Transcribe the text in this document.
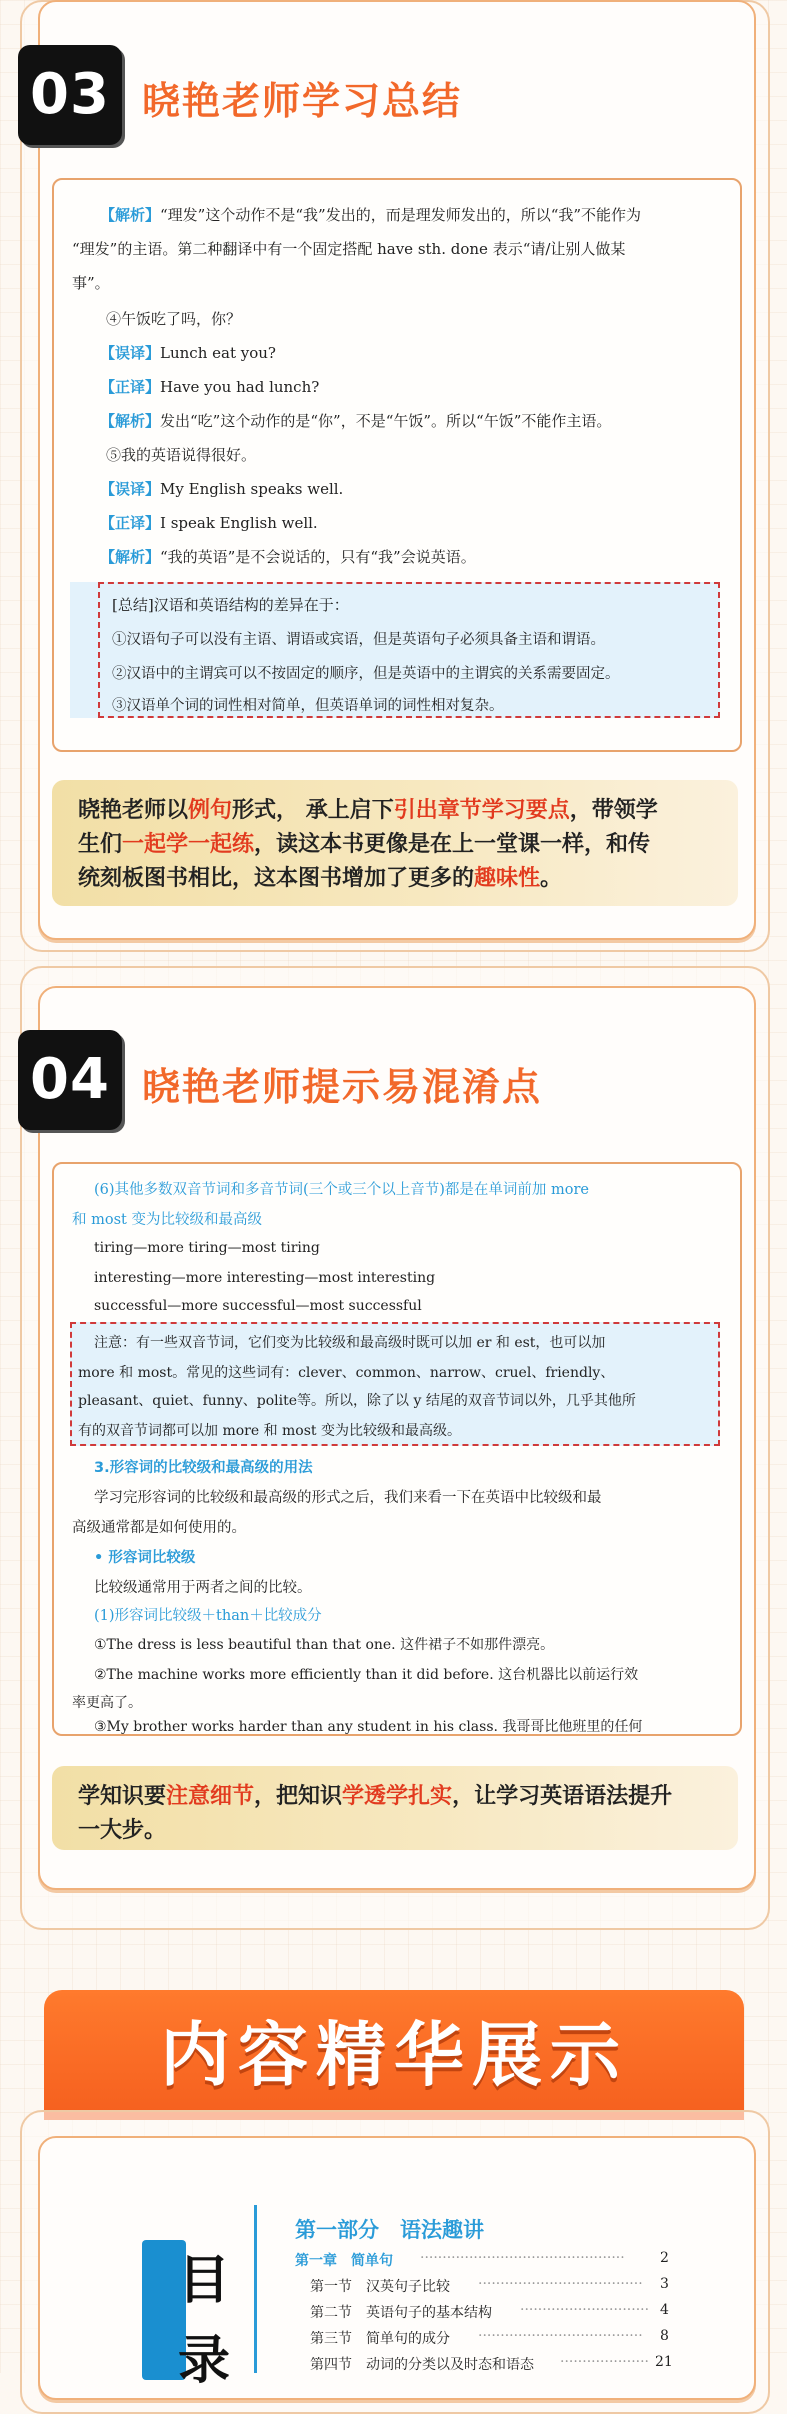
03 晓艳老师学习总结
【解析】“理发”这个动作不是“我”发出的，而是理发师发出的，所以“我”不能作为
“理发”的主语。第二种翻译中有一个固定搭配 have sth. done 表示“请/让别人做某
事”。
④午饭吃了吗，你？
【误译】Lunch eat you?
【正译】Have you had lunch?
【解析】发出“吃”这个动作的是“你”，不是“午饭”。所以“午饭”不能作主语。
⑤我的英语说得很好。
【误译】My English speaks well.
【正译】I speak English well.
【解析】“我的英语”是不会说话的，只有“我”会说英语。
[总结]汉语和英语结构的差异在于：
①汉语句子可以没有主语、谓语或宾语，但是英语句子必须具备主语和谓语。
②汉语中的主谓宾可以不按固定的顺序，但是英语中的主谓宾的关系需要固定。
③汉语单个词的词性相对简单，但英语单词的词性相对复杂。
晓艳老师以例句形式， 承上启下引出章节学习要点，带领学
生们一起学一起练，读这本书更像是在上一堂课一样，和传
统刻板图书相比，这本图书增加了更多的趣味性。
04 晓艳老师提示易混淆点
(6)其他多数双音节词和多音节词(三个或三个以上音节)都是在单词前加 more
和 most 变为比较级和最高级
tiring—more tiring—most tiring
interesting—more interesting—most interesting
successful—more successful—most successful
注意：有一些双音节词，它们变为比较级和最高级时既可以加 er 和 est，也可以加
more 和 most。常见的这些词有：clever、common、narrow、cruel、friendly、
pleasant、quiet、funny、polite等。所以，除了以 y 结尾的双音节词以外，几乎其他所
有的双音节词都可以加 more 和 most 变为比较级和最高级。
3.形容词的比较级和最高级的用法
学习完形容词的比较级和最高级的形式之后，我们来看一下在英语中比较级和最
高级通常都是如何使用的。
• 形容词比较级
比较级通常用于两者之间的比较。
(1)形容词比较级＋than＋比较成分
①The dress is less beautiful than that one. 这件裙子不如那件漂亮。
②The machine works more efficiently than it did before. 这台机器比以前运行效
率更高了。
③My brother works harder than any student in his class. 我哥哥比他班里的任何
学知识要注意细节，把知识学透学扎实，让学习英语语法提升
一大步。
内容精华展示
目
录
第一部分　语法趣讲
第一章　简单句 ··············································	2
第一节　汉英句子比较 ····································· 3
第二节　英语句子的基本结构 ····························· 4
第三节　简单句的成分 ····································· 8
第四节　动词的分类以及时态和语态 ···················· 21
